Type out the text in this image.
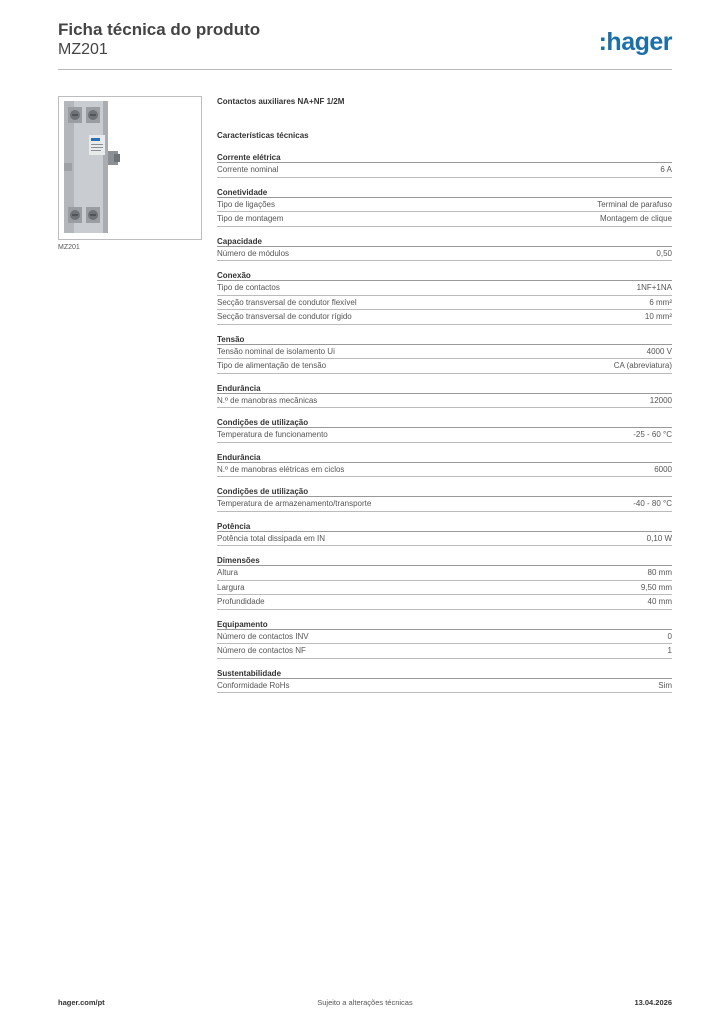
Ficha técnica do produto
MZ201	:hager
MZ201
Contactos auxiliares NA+NF 1/2M
Características técnicas
Corrente elétrica
Corrente nominal	6 A
Conetividade
Tipo de ligações	Terminal de parafuso
Tipo de montagem	Montagem de clique
Capacidade
Número de módulos	0,50
Conexão
Tipo de contactos	1NF+1NA
Secção transversal de condutor flexível	6 mm²
Secção transversal de condutor rígido	10 mm²
Tensão
Tensão nominal de isolamento Ui	4000 V
Tipo de alimentação de tensão	CA (abreviatura)
Endurância
N.º de manobras mecânicas	12000
Condições de utilização
Temperatura de funcionamento	-25 - 60 °C
Endurância
N.º de manobras elétricas em ciclos	6000
Condições de utilização
Temperatura de armazenamento/transporte	-40 - 80 °C
Potência
Potência total dissipada em IN	0,10 W
Dimensões
Altura	80 mm
Largura	9,50 mm
Profundidade	40 mm
Equipamento
Número de contactos INV	0
Número de contactos NF	1
Sustentabilidade
Conformidade RoHs	Sim
hager.com/pt	Sujeito a alterações técnicas	13.04.2026
